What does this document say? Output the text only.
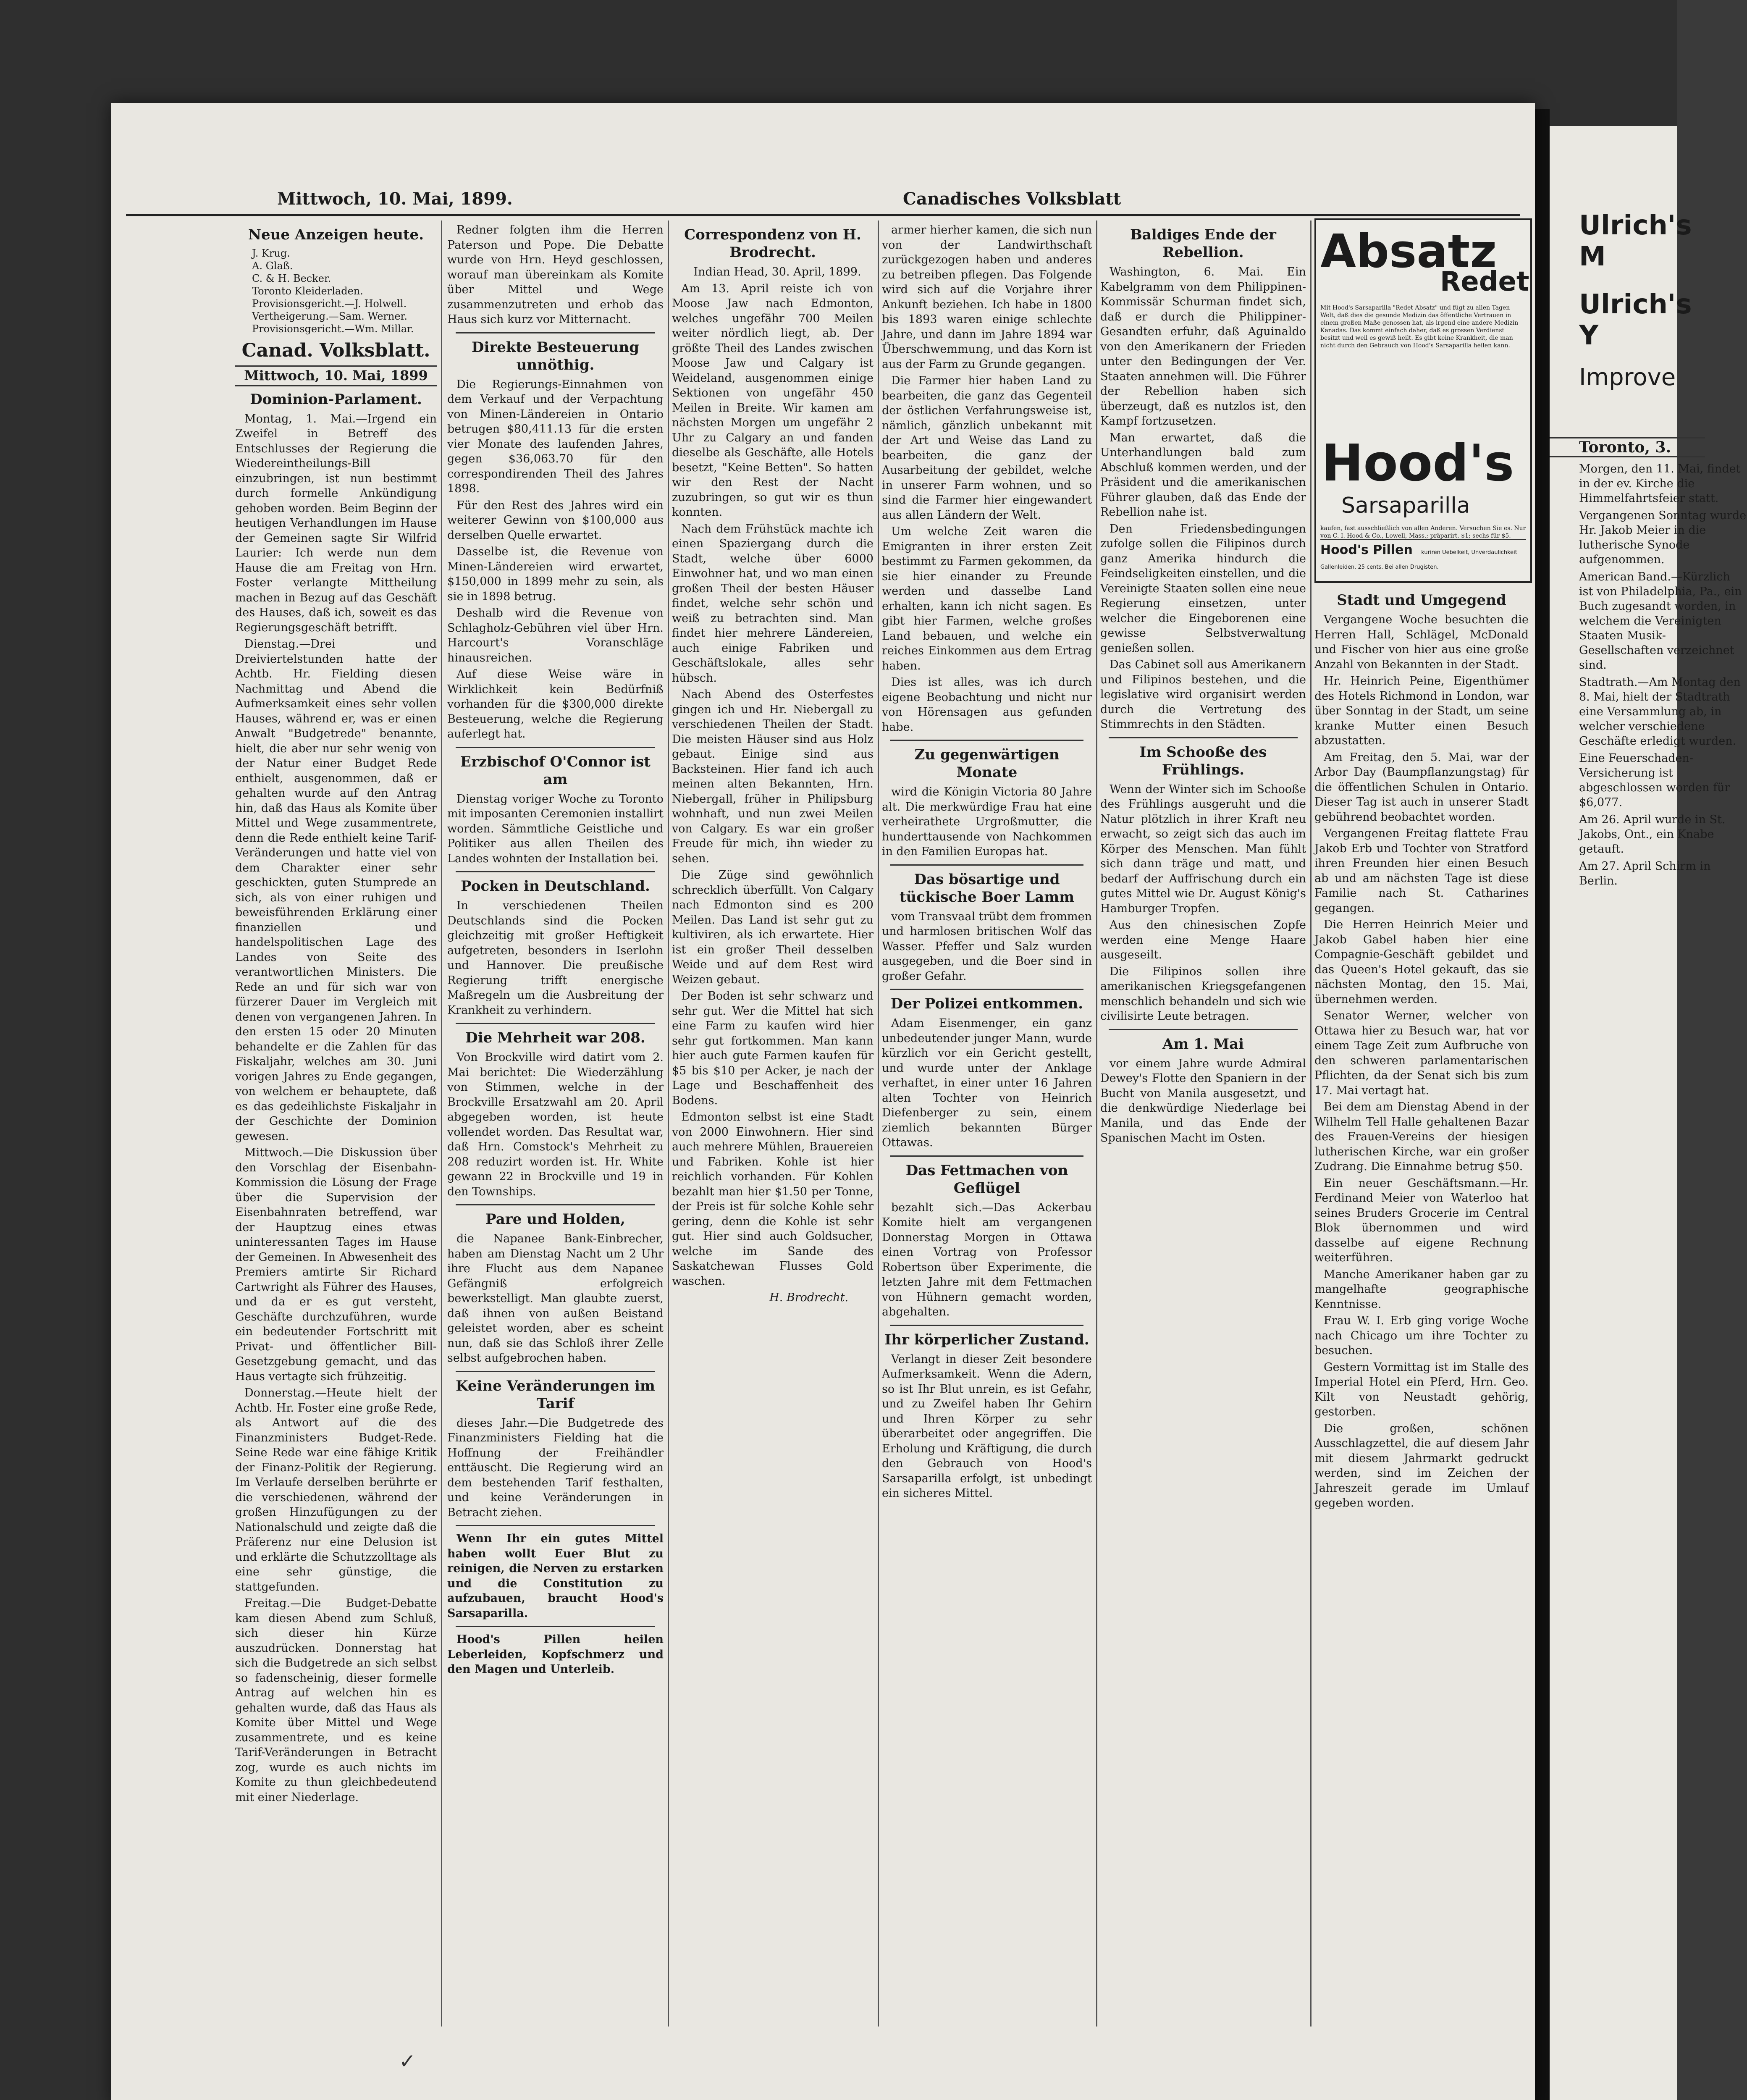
Mittwoch, 10. Mai, 1899.	Canadisches Volksblatt
Neue Anzeigen heute.
J. Krug.
A. Glaß.
C. & H. Becker.
Toronto Kleiderladen.
Provisionsgericht.—J. Holwell.
Vertheigerung.—Sam. Werner.
Provisionsgericht.—Wm. Millar.
Canad. Volksblatt.
Mittwoch, 10. Mai, 1899
Dominion-Parlament.

Montag, 1. Mai.—Irgend ein Zweifel in Betreff des Entschlusses der Regierung die Wiedereintheilungs-Bill einzubringen, ist nun bestimmt durch formelle Ankündigung gehoben worden. Beim Beginn der heutigen Verhandlungen im Hause der Gemeinen sagte Sir Wilfrid Laurier: Ich werde nun dem Hause die am Freitag von Hrn. Foster verlangte Mittheilung machen in Bezug auf das Geschäft des Hauses, daß ich, soweit es das Regierungsgeschäft betrifft.

Dienstag.—Drei und Dreiviertelstunden hatte der Achtb. Hr. Fielding diesen Nachmittag und Abend die Aufmerksamkeit eines sehr vollen Hauses, während er, was er einen Anwalt "Budgetrede" benannte, hielt, die aber nur sehr wenig von der Natur einer Budget Rede enthielt, ausgenommen, daß er gehalten wurde auf den Antrag hin, daß das Haus als Komite über Mittel und Wege zusammentrete, denn die Rede enthielt keine Tarif-Veränderungen und hatte viel von dem Charakter einer sehr geschickten, guten Stumprede an sich, als von einer ruhigen und beweisführenden Erklärung einer finanziellen und handelspolitischen Lage des Landes von Seite des verantwortlichen Ministers. Die Rede an und für sich war von fürzerer Dauer im Vergleich mit denen von vergangenen Jahren. In den ersten 15 oder 20 Minuten behandelte er die Zahlen für das Fiskaljahr, welches am 30. Juni vorigen Jahres zu Ende gegangen, von welchem er behauptete, daß es das gedeihlichste Fiskaljahr in der Geschichte der Dominion gewesen.

Mittwoch.—Die Diskussion über den Vorschlag der Eisenbahn-Kommission die Lösung der Frage über die Supervision der Eisenbahnraten betreffend, war der Hauptzug eines etwas uninteressanten Tages im Hause der Gemeinen. In Abwesenheit des Premiers amtirte Sir Richard Cartwright als Führer des Hauses, und da er es gut versteht, Geschäfte durchzuführen, wurde ein bedeutender Fortschritt mit Privat- und öffentlicher Bill-Gesetzgebung gemacht, und das Haus vertagte sich frühzeitig.

Donnerstag.—Heute hielt der Achtb. Hr. Foster eine große Rede, als Antwort auf die des Finanzministers Budget-Rede. Seine Rede war eine fähige Kritik der Finanz-Politik der Regierung. Im Verlaufe derselben berührte er die verschiedenen, während der großen Hinzufügungen zu der Nationalschuld und zeigte daß die Präferenz nur eine Delusion ist und erklärte die Schutzzolltage als eine sehr günstige, die stattgefunden.

Freitag.—Die Budget-Debatte kam diesen Abend zum Schluß, sich dieser hin Kürze auszudrücken. Donnerstag hat sich die Budgetrede an sich selbst so fadenscheinig, dieser formelle Antrag auf welchen hin es gehalten wurde, daß das Haus als Komite über Mittel und Wege zusammentrete, und es keine Tarif-Veränderungen in Betracht zog, wurde es auch nichts im Komite zu thun gleichbedeutend mit einer Niederlage.

Redner folgten ihm die Herren Paterson und Pope. Die Debatte wurde von Hrn. Heyd geschlossen, worauf man übereinkam als Komite über Mittel und Wege zusammenzutreten und erhob das Haus sich kurz vor Mitternacht.

Direkte Besteuerung unnöthig.

Die Regierungs-Einnahmen von dem Verkauf und der Verpachtung von Minen-Ländereien in Ontario betrugen $80,411.13 für die ersten vier Monate des laufenden Jahres, gegen $36,063.70 für den correspondirenden Theil des Jahres 1898.

Für den Rest des Jahres wird ein weiterer Gewinn von $100,000 aus derselben Quelle erwartet.

Dasselbe ist, die Revenue von Minen-Ländereien wird erwartet, $150,000 in 1899 mehr zu sein, als sie in 1898 betrug.

Deshalb wird die Revenue von Schlagholz-Gebühren viel über Hrn. Harcourt's Voranschläge hinausreichen.

Auf diese Weise wäre in Wirklichkeit kein Bedürfniß vorhanden für die $300,000 direkte Besteuerung, welche die Regierung auferlegt hat.

Erzbischof O'Connor ist am

Dienstag voriger Woche zu Toronto mit imposanten Ceremonien installirt worden. Sämmtliche Geistliche und Politiker aus allen Theilen des Landes wohnten der Installation bei.

Pocken in Deutschland.

In verschiedenen Theilen Deutschlands sind die Pocken gleichzeitig mit großer Heftigkeit aufgetreten, besonders in Iserlohn und Hannover. Die preußische Regierung trifft energische Maßregeln um die Ausbreitung der Krankheit zu verhindern.

Die Mehrheit war 208.

Von Brockville wird datirt vom 2. Mai berichtet: Die Wiederzählung von Stimmen, welche in der Brockville Ersatzwahl am 20. April abgegeben worden, ist heute vollendet worden. Das Resultat war, daß Hrn. Comstock's Mehrheit zu 208 reduzirt worden ist. Hr. White gewann 22 in Brockville und 19 in den Townships.

Pare und Holden,

die Napanee Bank-Einbrecher, haben am Dienstag Nacht um 2 Uhr ihre Flucht aus dem Napanee Gefängniß erfolgreich bewerkstelligt. Man glaubte zuerst, daß ihnen von außen Beistand geleistet worden, aber es scheint nun, daß sie das Schloß ihrer Zelle selbst aufgebrochen haben.

Keine Veränderungen im Tarif

dieses Jahr.—Die Budgetrede des Finanzministers Fielding hat die Hoffnung der Freihändler enttäuscht. Die Regierung wird an dem bestehenden Tarif festhalten, und keine Veränderungen in Betracht ziehen.

Wenn Ihr ein gutes Mittel haben wollt Euer Blut zu reinigen, die Nerven zu erstarken und die Constitution zu aufzubauen, braucht Hood's Sarsaparilla.

Hood's Pillen heilen Leberleiden, Kopfschmerz und den Magen und Unterleib.

Correspondenz von H. Brodrecht.

Indian Head, 30. April, 1899.

Am 13. April reiste ich von Moose Jaw nach Edmonton, welches ungefähr 700 Meilen weiter nördlich liegt, ab. Der größte Theil des Landes zwischen Moose Jaw und Calgary ist Weideland, ausgenommen einige Sektionen von ungefähr 450 Meilen in Breite. Wir kamen am nächsten Morgen um ungefähr 2 Uhr zu Calgary an und fanden dieselbe als Geschäfte, alle Hotels besetzt, "Keine Betten". So hatten wir den Rest der Nacht zuzubringen, so gut wir es thun konnten.

Nach dem Frühstück machte ich einen Spaziergang durch die Stadt, welche über 6000 Einwohner hat, und wo man einen großen Theil der besten Häuser findet, welche sehr schön und weiß zu betrachten sind. Man findet hier mehrere Ländereien, auch einige Fabriken und Geschäftslokale, alles sehr hübsch.

Nach Abend des Osterfestes gingen ich und Hr. Niebergall zu verschiedenen Theilen der Stadt. Die meisten Häuser sind aus Holz gebaut. Einige sind aus Backsteinen. Hier fand ich auch meinen alten Bekannten, Hrn. Niebergall, früher in Philipsburg wohnhaft, und nun zwei Meilen von Calgary. Es war ein großer Freude für mich, ihn wieder zu sehen.

Die Züge sind gewöhnlich schrecklich überfüllt. Von Calgary nach Edmonton sind es 200 Meilen. Das Land ist sehr gut zu kultiviren, als ich erwartete. Hier ist ein großer Theil desselben Weide und auf dem Rest wird Weizen gebaut.

Der Boden ist sehr schwarz und sehr gut. Wer die Mittel hat sich eine Farm zu kaufen wird hier sehr gut fortkommen. Man kann hier auch gute Farmen kaufen für $5 bis $10 per Acker, je nach der Lage und Beschaffenheit des Bodens.

Edmonton selbst ist eine Stadt von 2000 Einwohnern. Hier sind auch mehrere Mühlen, Brauereien und Fabriken. Kohle ist hier reichlich vorhanden. Für Kohlen bezahlt man hier $1.50 per Tonne, der Preis ist für solche Kohle sehr gering, denn die Kohle ist sehr gut. Hier sind auch Goldsucher, welche im Sande des Saskatchewan Flusses Gold waschen.

H. Brodrecht.

armer hierher kamen, die sich nun von der Landwirthschaft zurückgezogen haben und anderes zu betreiben pflegen. Das Folgende wird sich auf die Vorjahre ihrer Ankunft beziehen. Ich habe in 1800 bis 1893 waren einige schlechte Jahre, und dann im Jahre 1894 war Überschwemmung, und das Korn ist aus der Farm zu Grunde gegangen.

Die Farmer hier haben Land zu bearbeiten, die ganz das Gegenteil der östlichen Verfahrungsweise ist, nämlich, gänzlich unbekannt mit der Art und Weise das Land zu bearbeiten, die ganz der Ausarbeitung der gebildet, welche in unserer Farm wohnen, und so sind die Farmer hier eingewandert aus allen Ländern der Welt.

Um welche Zeit waren die Emigranten in ihrer ersten Zeit bestimmt zu Farmen gekommen, da sie hier einander zu Freunde werden und dasselbe Land erhalten, kann ich nicht sagen. Es gibt hier Farmen, welche großes Land bebauen, und welche ein reiches Einkommen aus dem Ertrag haben.

Dies ist alles, was ich durch eigene Beobachtung und nicht nur von Hörensagen aus gefunden habe.

Zu gegenwärtigen Monate

wird die Königin Victoria 80 Jahre alt. Die merkwürdige Frau hat eine verheirathete Urgroßmutter, die hunderttausende von Nachkommen in den Familien Europas hat.

Das bösartige und tückische Boer Lamm

vom Transvaal trübt dem frommen und harmlosen britischen Wolf das Wasser. Pfeffer und Salz wurden ausgegeben, und die Boer sind in großer Gefahr.

Der Polizei entkommen.

Adam Eisenmenger, ein ganz unbedeutender junger Mann, wurde kürzlich vor ein Gericht gestellt, und wurde unter der Anklage verhaftet, in einer unter 16 Jahren alten Tochter von Heinrich Diefenberger zu sein, einem ziemlich bekannten Bürger Ottawas.

Das Fettmachen von Geflügel

bezahlt sich.—Das Ackerbau Komite hielt am vergangenen Donnerstag Morgen in Ottawa einen Vortrag von Professor Robertson über Experimente, die letzten Jahre mit dem Fettmachen von Hühnern gemacht worden, abgehalten.

Ihr körperlicher Zustand.

Verlangt in dieser Zeit besondere Aufmerksamkeit. Wenn die Adern, so ist Ihr Blut unrein, es ist Gefahr, und zu Zweifel haben Ihr Gehirn und Ihren Körper zu sehr überarbeitet oder angegriffen. Die Erholung und Kräftigung, die durch den Gebrauch von Hood's Sarsaparilla erfolgt, ist unbedingt ein sicheres Mittel.

Baldiges Ende der Rebellion.

Washington, 6. Mai. Ein Kabelgramm von dem Philippinen-Kommissär Schurman findet sich, daß er durch die Philippiner-Gesandten erfuhr, daß Aguinaldo von den Amerikanern der Frieden unter den Bedingungen der Ver. Staaten annehmen will. Die Führer der Rebellion haben sich überzeugt, daß es nutzlos ist, den Kampf fortzusetzen.

Man erwartet, daß die Unterhandlungen bald zum Abschluß kommen werden, und der Präsident und die amerikanischen Führer glauben, daß das Ende der Rebellion nahe ist.

Den Friedensbedingungen zufolge sollen die Filipinos durch ganz Amerika hindurch die Feindseligkeiten einstellen, und die Vereinigte Staaten sollen eine neue Regierung einsetzen, unter welcher die Eingeborenen eine gewisse Selbstverwaltung genießen sollen.

Das Cabinet soll aus Amerikanern und Filipinos bestehen, und die legislative wird organisirt werden durch die Vertretung des Stimmrechts in den Städten.

Im Schooße des Frühlings.

Wenn der Winter sich im Schooße des Frühlings ausgeruht und die Natur plötzlich in ihrer Kraft neu erwacht, so zeigt sich das auch im Körper des Menschen. Man fühlt sich dann träge und matt, und bedarf der Auffrischung durch ein gutes Mittel wie Dr. August König's Hamburger Tropfen.

Aus den chinesischen Zopfe werden eine Menge Haare ausgeseilt.

Die Filipinos sollen ihre amerikanischen Kriegsgefangenen menschlich behandeln und sich wie civilisirte Leute betragen.

Am 1. Mai

vor einem Jahre wurde Admiral Dewey's Flotte den Spaniern in der Bucht von Manila ausgesetzt, und die denkwürdige Niederlage bei Manila, und das Ende der Spanischen Macht im Osten.

Absatz
Redet
Mit Hood's Sarsaparilla "Redet Absatz" und fügt zu allen Tagen Welt, daß dies die gesunde Medizin das öffentliche Vertrauen in einem großen Maße genossen hat, als irgend eine andere Medizin Kanadas. Das kommt einfach daher, daß es grossen Verdienst besitzt und weil es gewiß heilt. Es gibt keine Krankheit, die man nicht durch den Gebrauch von Hood's Sarsaparilla heilen kann.
Hood's
Sarsaparilla
kaufen, fast ausschließlich von allen Anderen. Versuchen Sie es. Nur von C. I. Hood & Co., Lowell, Mass.; präparirt. $1; sechs für $5.
Hood's Pillen kuriren Uebelkeit, Unverdaulichkeit Gallenleiden. 25 cents. Bei allen Drugisten.
Stadt und Umgegend

Vergangene Woche besuchten die Herren Hall, Schlägel, McDonald und Fischer von hier aus eine große Anzahl von Bekannten in der Stadt.

Hr. Heinrich Peine, Eigenthümer des Hotels Richmond in London, war über Sonntag in der Stadt, um seine kranke Mutter einen Besuch abzustatten.

Am Freitag, den 5. Mai, war der Arbor Day (Baumpflanzungstag) für die öffentlichen Schulen in Ontario. Dieser Tag ist auch in unserer Stadt gebührend beobachtet worden.

Vergangenen Freitag flattete Frau Jakob Erb und Tochter von Stratford ihren Freunden hier einen Besuch ab und am nächsten Tage ist diese Familie nach St. Catharines gegangen.

Die Herren Heinrich Meier und Jakob Gabel haben hier eine Compagnie-Geschäft gebildet und das Queen's Hotel gekauft, das sie nächsten Montag, den 15. Mai, übernehmen werden.

Senator Werner, welcher von Ottawa hier zu Besuch war, hat vor einem Tage Zeit zum Aufbruche von den schweren parlamentarischen Pflichten, da der Senat sich bis zum 17. Mai vertagt hat.

Bei dem am Dienstag Abend in der Wilhelm Tell Halle gehaltenen Bazar des Frauen-Vereins der hiesigen lutherischen Kirche, war ein großer Zudrang. Die Einnahme betrug $50.

Ein neuer Geschäftsmann.—Hr. Ferdinand Meier von Waterloo hat seines Bruders Grocerie im Central Blok übernommen und wird dasselbe auf eigene Rechnung weiterführen.

Manche Amerikaner haben gar zu mangelhafte geographische Kenntnisse.

Frau W. I. Erb ging vorige Woche nach Chicago um ihre Tochter zu besuchen.

Gestern Vormittag ist im Stalle des Imperial Hotel ein Pferd, Hrn. Geo. Kilt von Neustadt gehörig, gestorben.

Die großen, schönen Ausschlagzettel, die auf diesem Jahr mit diesem Jahrmarkt gedruckt werden, sind im Zeichen der Jahreszeit gerade im Umlauf gegeben worden.

Ulrich's M
Ulrich's Y
Improve
Toronto, 3.

Morgen, den 11. Mai, findet in der ev. Kirche die Himmelfahrtsfeier statt.

Vergangenen Sonntag wurde Hr. Jakob Meier in die lutherische Synode aufgenommen.

American Band.—Kürzlich ist von Philadelphia, Pa., ein Buch zugesandt worden, in welchem die Vereinigten Staaten Musik-Gesellschaften verzeichnet sind.

Stadtrath.—Am Montag den 8. Mai, hielt der Stadtrath eine Versammlung ab, in welcher verschiedene Geschäfte erledigt wurden.

Eine Feuerschaden-Versicherung ist abgeschlossen worden für $6,077.

Am 26. April wurde in St. Jakobs, Ont., ein Knabe getauft.

Am 27. April Schirm in Berlin.

✓
